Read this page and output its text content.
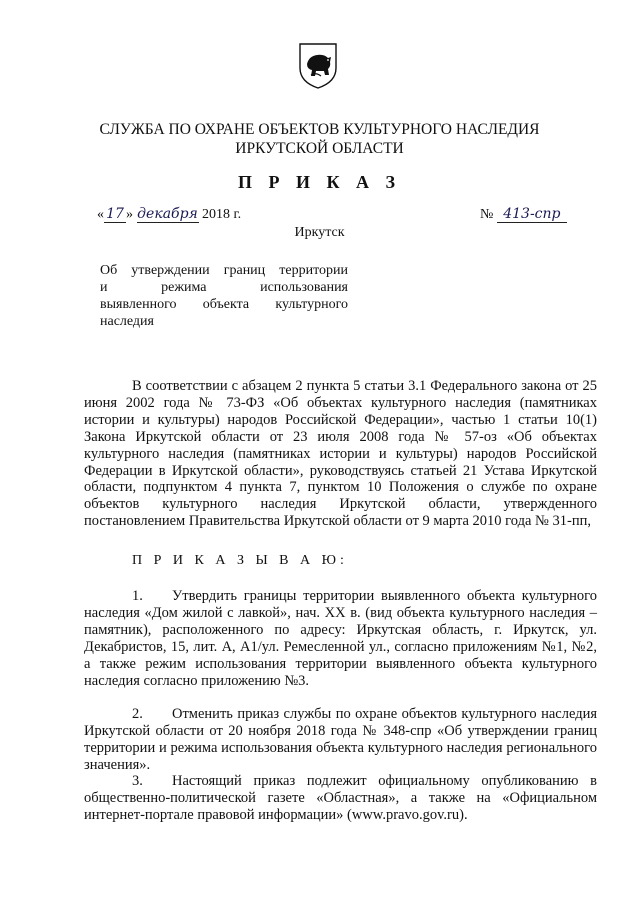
СЛУЖБА ПО ОХРАНЕ ОБЪЕКТОВ КУЛЬТУРНОГО НАСЛЕДИЯ
ИРКУТСКОЙ ОБЛАСТИ
П Р И К А З
« 17 » декабря 2018 г.	№ 413-спр
Иркутск
Об утверждении границ территории
и режима использования
выявленного объекта культурного
наследия

В соответствии с абзацем 2 пункта 5 статьи 3.1 Федерального закона от 25 июня 2002 года № 73-ФЗ «Об объектах культурного наследия (памятниках истории и культуры) народов Российской Федерации», частью 1 статьи 10(1) Закона Иркутской области от 23 июля 2008 года № 57-оз «Об объектах культурного наследия (памятниках истории и культуры) народов Российской Федерации в Иркутской области», руководствуясь статьей 21 Устава Иркутской области, подпунктом 4 пункта 7, пунктом 10 Положения о службе по охране объектов культурного наследия Иркутской области, утвержденного постановлением Правительства Иркутской области от 9 марта 2010 года № 31-пп,

П Р И К А З Ы В А Ю:
1. Утвердить границы территории выявленного объекта культурного наследия «Дом жилой с лавкой», нач. XX в. (вид объекта культурного наследия – памятник), расположенного по адресу: Иркутская область, г. Иркутск, ул. Декабристов, 15, лит. А, А1/ул. Ремесленной ул., согласно приложениям №1, №2, а также режим использования территории выявленного объекта культурного наследия согласно приложению №3.
2. Отменить приказ службы по охране объектов культурного наследия Иркутской области от 20 ноября 2018 года № 348-спр «Об утверждении границ территории и режима использования объекта культурного наследия регионального значения».
3. Настоящий приказ подлежит официальному опубликованию в общественно-политической газете «Областная», а также на «Официальном интернет-портале правовой информации» (www.pravo.gov.ru).
